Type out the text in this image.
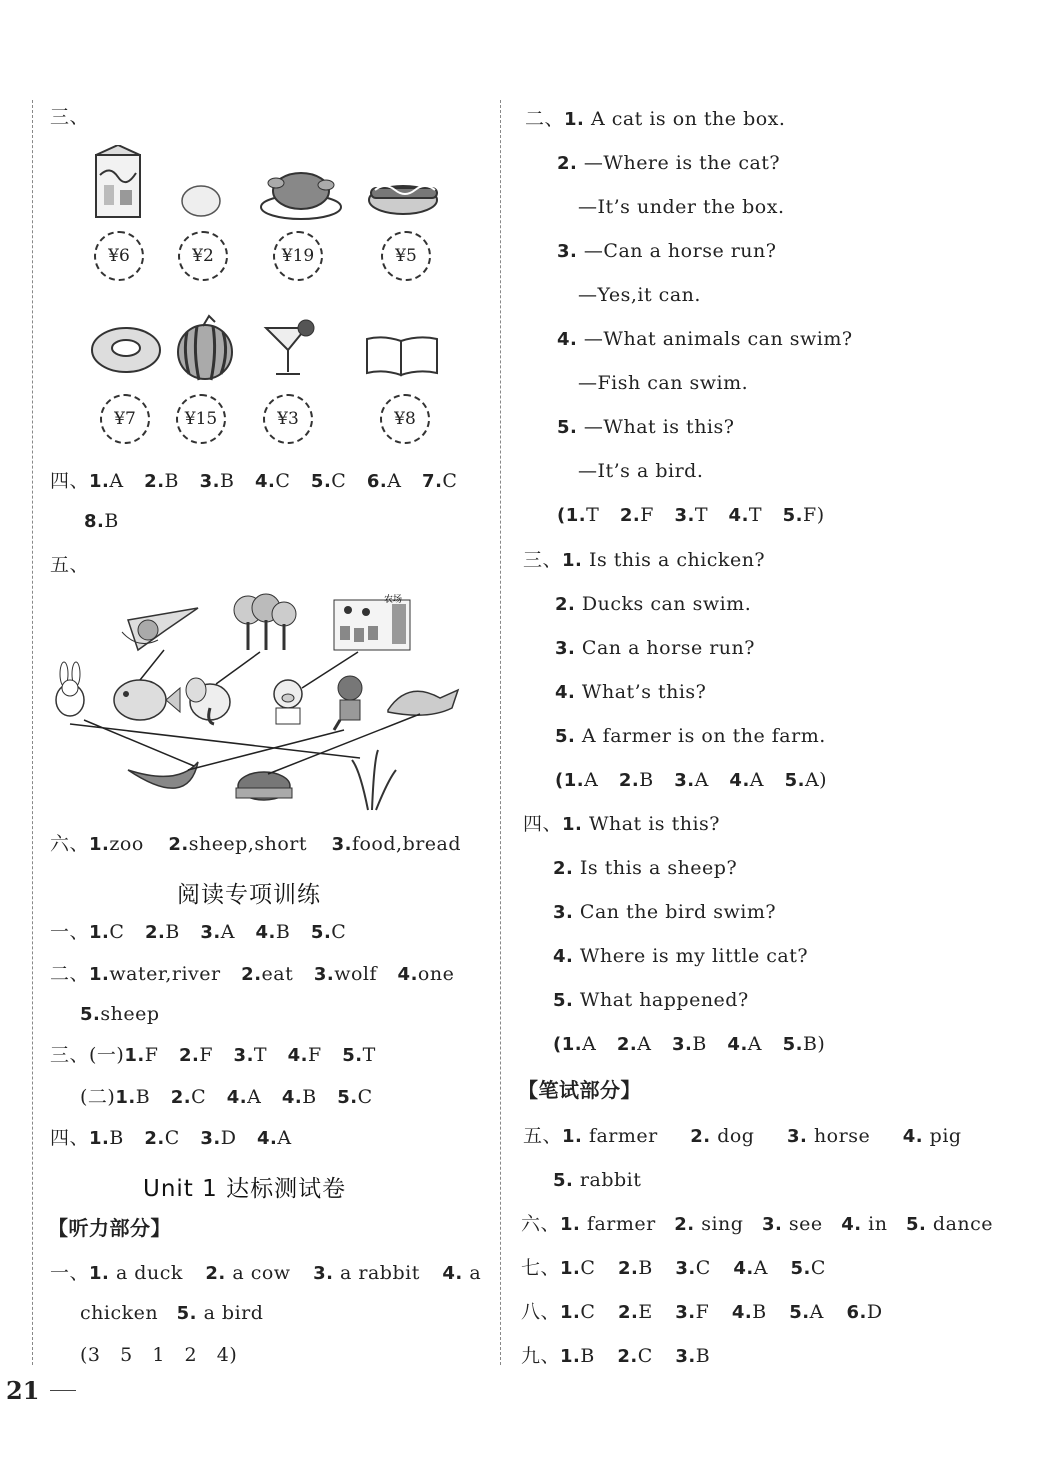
三、
¥6	¥2	¥19	¥5
¥7	¥15	¥3	¥8
四、1.A 2.B 3.B 4.C 5.C 6.A 7.C
8.B
五、
农场
六、1.zoo 2.sheep,short 3.food,bread
阅读专项训练
一、1.C 2.B 3.A 4.B 5.C
二、1.water,river 2.eat 3.wolf 4.one
5.sheep
三、(一)1.F 2.F 3.T 4.F 5.T
(二)1.B 2.C 4.A 4.B 5.C
四、1.B 2.C 3.D 4.A
Unit 1 达标测试卷
【听力部分】
一、1. a duck 2. a cow 3. a rabbit 4. a
chicken 5. a bird
(3   5   1   2   4)
21
二、1. A cat is on the box.
2. —Where is the cat?
—It’s under the box.
3. —Can a horse run?
—Yes,it can.
4. —What animals can swim?
—Fish can swim.
5. —What is this?
—It’s a bird.
(1.T 2.F 3.T 4.T 5.F)
三、1. Is this a chicken?
2. Ducks can swim.
3. Can a horse run?
4. What’s this?
5. A farmer is on the farm.
(1.A 2.B 3.A 4.A 5.A)
四、1. What is this?
2. Is this a sheep?
3. Can the bird swim?
4. Where is my little cat?
5. What happened?
(1.A 2.A 3.B 4.A 5.B)
【笔试部分】
五、1. farmer 2. dog 3. horse 4. pig
5. rabbit
六、1. farmer 2. sing 3. see 4. in 5. dance
七、1.C 2.B 3.C 4.A 5.C
八、1.C 2.E 3.F 4.B 5.A 6.D
九、1.B 2.C 3.B
